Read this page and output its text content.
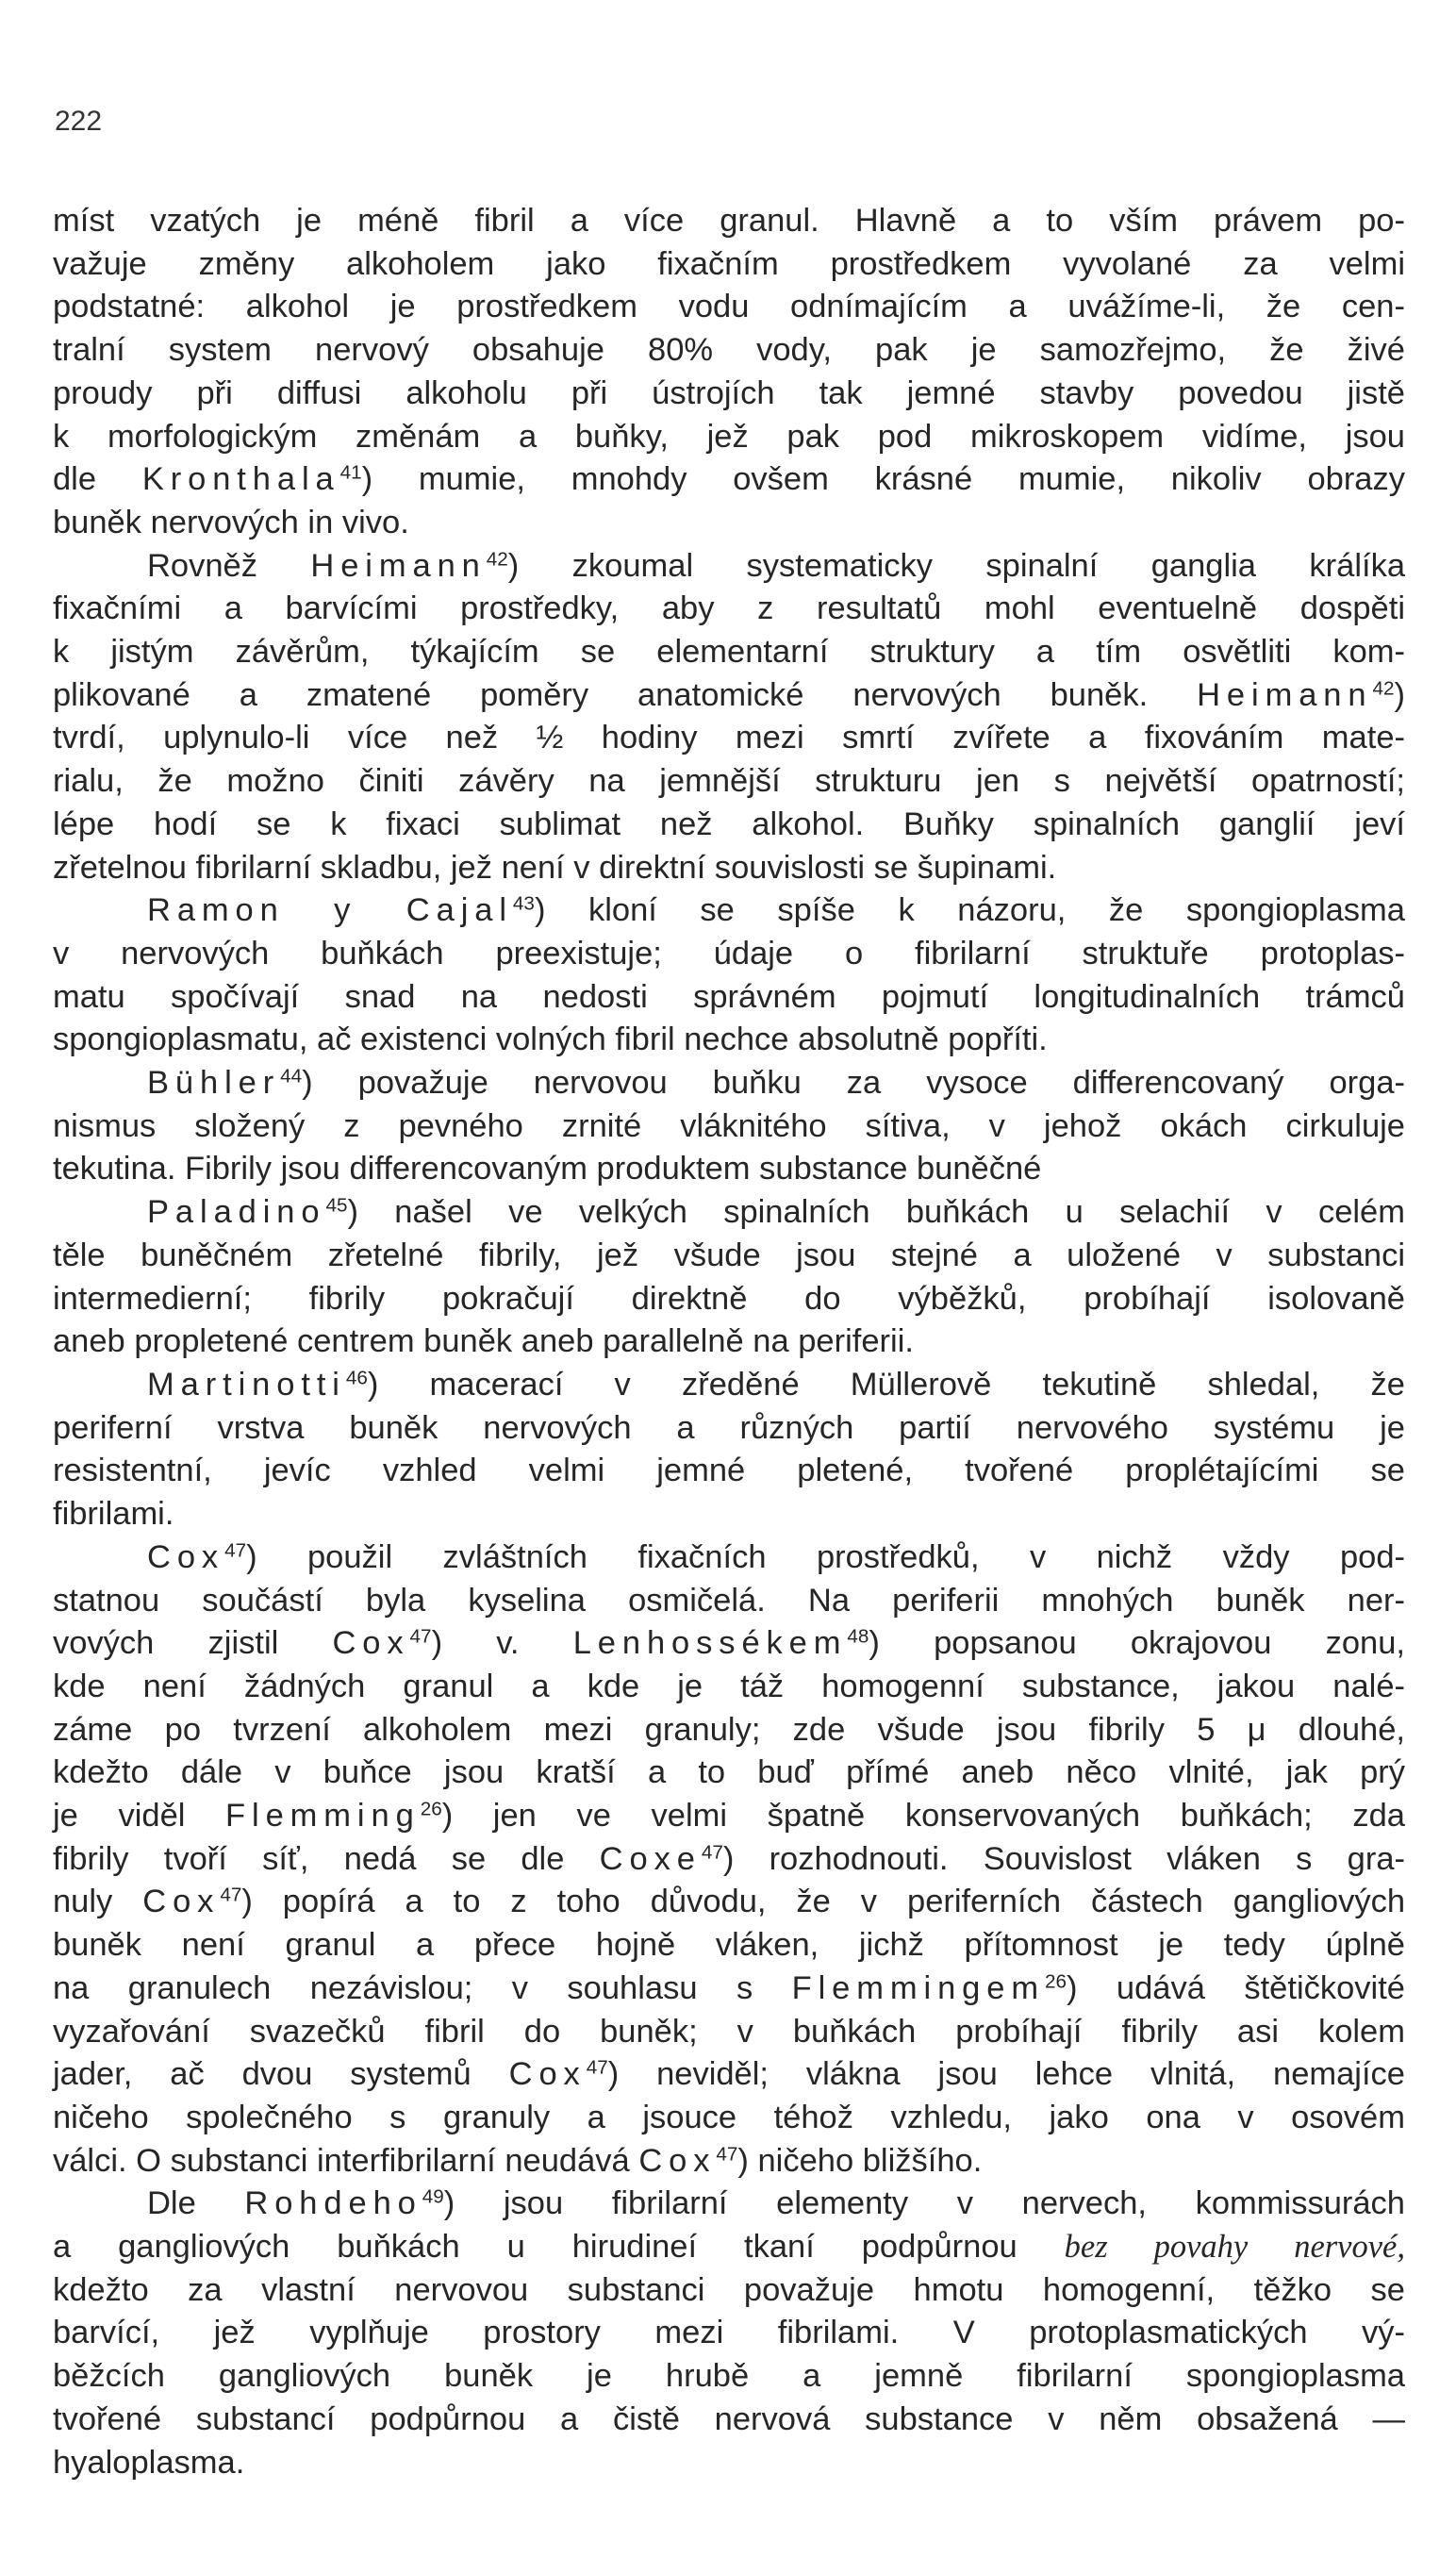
222
míst vzatých je méně fibril a více granul. Hlavně a to vším právem po-
važuje změny alkoholem jako fixačním prostředkem vyvolané za velmi
podstatné: alkohol je prostředkem vodu odnímajícím a uvážíme-li, že cen-
tralní system nervový obsahuje 80% vody, pak je samozřejmo, že živé
proudy při diffusi alkoholu při ústrojích tak jemné stavby povedou jistě
k morfologickým změnám a buňky, jež pak pod mikroskopem vidíme, jsou
dle Kronthala$^{41}$) mumie, mnohdy ovšem krásné mumie, nikoliv obrazy
buněk nervových in vivo.
Rovněž Heimann$^{42}$) zkoumal systematicky spinalní ganglia králíka
fixačními a barvícími prostředky, aby z resultatů mohl eventuelně dospěti
k jistým závěrům, týkajícím se elementarní struktury a tím osvětliti kom-
plikované a zmatené poměry anatomické nervových buněk. Heimann$^{42}$)
tvrdí, uplynulo-li více než ½ hodiny mezi smrtí zvířete a fixováním mate-
rialu, že možno činiti závěry na jemnější strukturu jen s největší opatrností;
lépe hodí se k fixaci sublimat než alkohol. Buňky spinalních ganglií jeví
zřetelnou fibrilarní skladbu, jež není v direktní souvislosti se šupinami.
Ramon y Cajal$^{43}$) kloní se spíše k názoru, že spongioplasma
v nervových buňkách preexistuje; údaje o fibrilarní struktuře protoplas-
matu spočívají snad na nedosti správném pojmutí longitudinalních trámců
spongioplasmatu, ač existenci volných fibril nechce absolutně popříti.
Bühler$^{44}$) považuje nervovou buňku za vysoce differencovaný orga-
nismus složený z pevného zrnité vláknitého sítiva, v jehož okách cirkuluje
tekutina. Fibrily jsou differencovaným produktem substance buněčné
Paladino$^{45}$) našel ve velkých spinalních buňkách u selachií v celém
těle buněčném zřetelné fibrily, jež všude jsou stejné a uložené v substanci
intermedierní; fibrily pokračují direktně do výběžků, probíhají isolovaně
aneb propletené centrem buněk aneb parallelně na periferii.
Martinotti$^{46}$) macerací v zředěné Müllerově tekutině shledal, že
periferní vrstva buněk nervových a různých partií nervového systému je
resistentní, jevíc vzhled velmi jemné pletené, tvořené proplétajícími se
fibrilami.
Cox$^{47}$) použil zvláštních fixačních prostředků, v nichž vždy pod-
statnou součástí byla kyselina osmičelá. Na periferii mnohých buněk ner-
vových zjistil Cox$^{47}$) v. Lenhossékem$^{48}$) popsanou okrajovou zonu,
kde není žádných granul a kde je táž homogenní substance, jakou nalé-
záme po tvrzení alkoholem mezi granuly; zde všude jsou fibrily 5 μ dlouhé,
kdežto dále v buňce jsou kratší a to buď přímé aneb něco vlnité, jak prý
je viděl Flemming$^{26}$) jen ve velmi špatně konservovaných buňkách; zda
fibrily tvoří síť, nedá se dle Coxe$^{47}$) rozhodnouti. Souvislost vláken s gra-
nuly Cox$^{47}$) popírá a to z toho důvodu, že v periferních částech gangliových
buněk není granul a přece hojně vláken, jichž přítomnost je tedy úplně
na granulech nezávislou; v souhlasu s Flemmingem$^{26}$) udává štětičkovité
vyzařování svazečků fibril do buněk; v buňkách probíhají fibrily asi kolem
jader, ač dvou systemů Cox$^{47}$) neviděl; vlákna jsou lehce vlnitá, nemajíce
ničeho společného s granuly a jsouce téhož vzhledu, jako ona v osovém
válci. O substanci interfibrilarní neudává Cox$^{47}$) ničeho bližšího.
Dle Rohdeho$^{49}$) jsou fibrilarní elementy v nervech, kommissurách
a gangliových buňkách u hirudineí tkaní podpůrnou bez povahy nervové,
kdežto za vlastní nervovou substanci považuje hmotu homogenní, těžko se
barvící, jež vyplňuje prostory mezi fibrilami. V protoplasmatických vý-
běžcích gangliových buněk je hrubě a jemně fibrilarní spongioplasma
tvořené substancí podpůrnou a čistě nervová substance v něm obsažená —
hyaloplasma.
